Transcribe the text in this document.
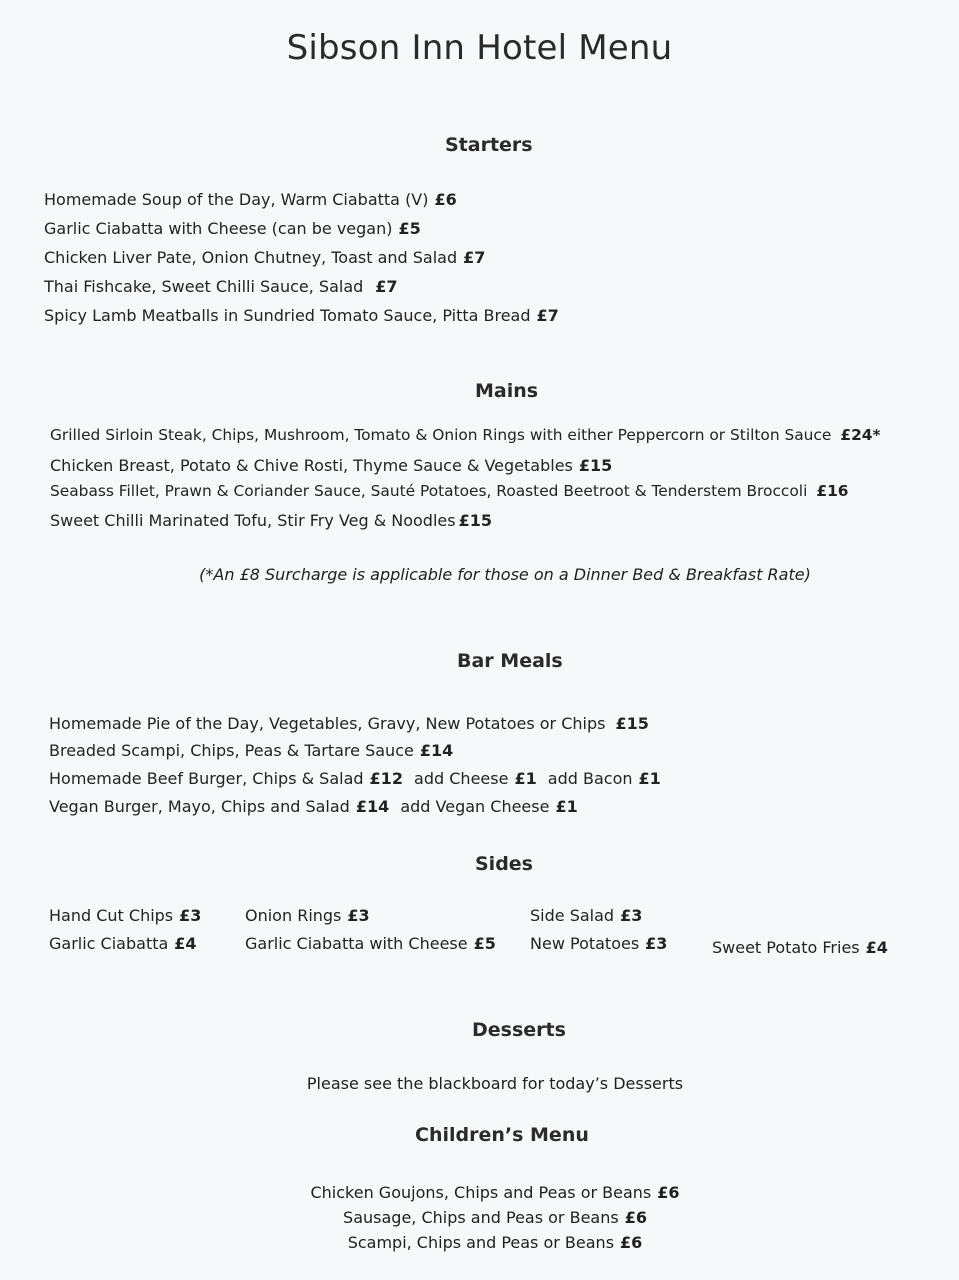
Sibson Inn Hotel Menu
Starters
Homemade Soup of the Day, Warm Ciabatta (V) £6
Garlic Ciabatta with Cheese (can be vegan) £5
Chicken Liver Pate, Onion Chutney, Toast and Salad £7
Thai Fishcake, Sweet Chilli Sauce, Salad £7
Spicy Lamb Meatballs in Sundried Tomato Sauce, Pitta Bread £7
Mains
Grilled Sirloin Steak, Chips, Mushroom, Tomato & Onion Rings with either Peppercorn or Stilton Sauce £24*
Chicken Breast, Potato & Chive Rosti, Thyme Sauce & Vegetables £15
Seabass Fillet, Prawn & Coriander Sauce, Sauté Potatoes, Roasted Beetroot & Tenderstem Broccoli £16
Sweet Chilli Marinated Tofu, Stir Fry Veg & Noodles £15
(*An £8 Surcharge is applicable for those on a Dinner Bed & Breakfast Rate)
Bar Meals
Homemade Pie of the Day, Vegetables, Gravy, New Potatoes or Chips £15
Breaded Scampi, Chips, Peas & Tartare Sauce £14
Homemade Beef Burger, Chips & Salad £12 add Cheese £1 add Bacon £1
Vegan Burger, Mayo, Chips and Salad £14 add Vegan Cheese £1
Sides
Hand Cut Chips £3	Onion Rings £3	Side Salad £3
Garlic Ciabatta £4	Garlic Ciabatta with Cheese £5 New Potatoes £3	Sweet Potato Fries £4
Desserts
Please see the blackboard for today’s Desserts
Children’s Menu
Chicken Goujons, Chips and Peas or Beans £6
Sausage, Chips and Peas or Beans £6
Scampi, Chips and Peas or Beans £6
